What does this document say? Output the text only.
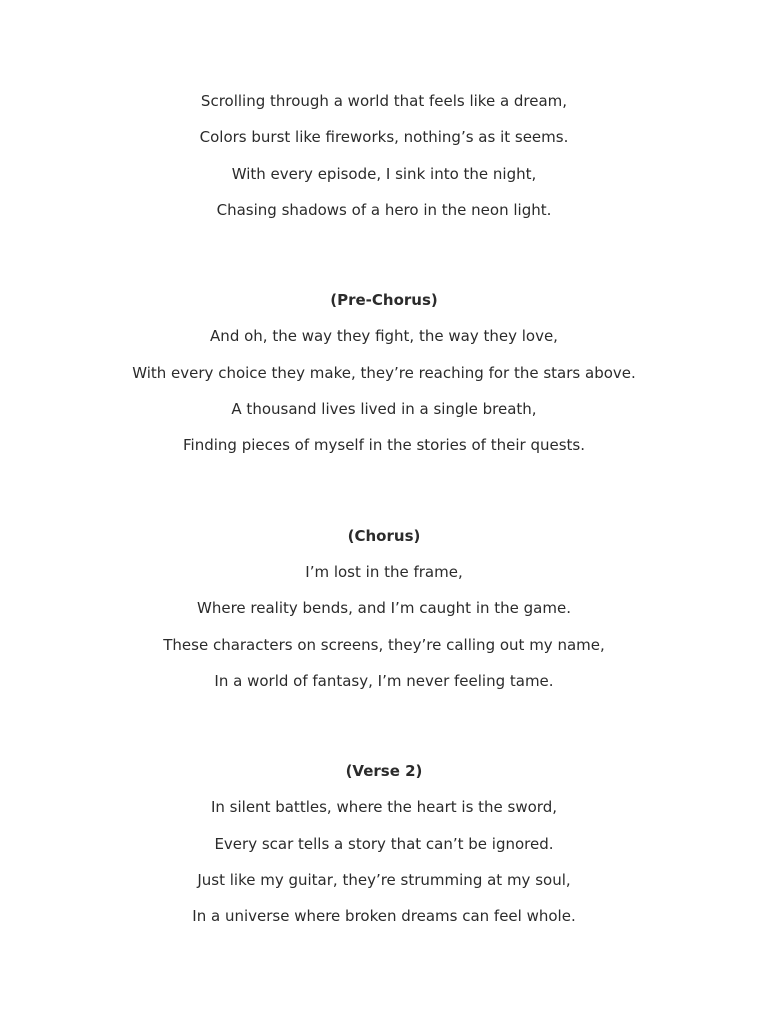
Scrolling through a world that feels like a dream,

Colors burst like fireworks, nothing’s as it seems.

With every episode, I sink into the night,

Chasing shadows of a hero in the neon light.

(Pre-Chorus)

And oh, the way they fight, the way they love,

With every choice they make, they’re reaching for the stars above.

A thousand lives lived in a single breath,

Finding pieces of myself in the stories of their quests.

(Chorus)

I’m lost in the frame,

Where reality bends, and I’m caught in the game.

These characters on screens, they’re calling out my name,

In a world of fantasy, I’m never feeling tame.

(Verse 2)

In silent battles, where the heart is the sword,

Every scar tells a story that can’t be ignored.

Just like my guitar, they’re strumming at my soul,

In a universe where broken dreams can feel whole.
